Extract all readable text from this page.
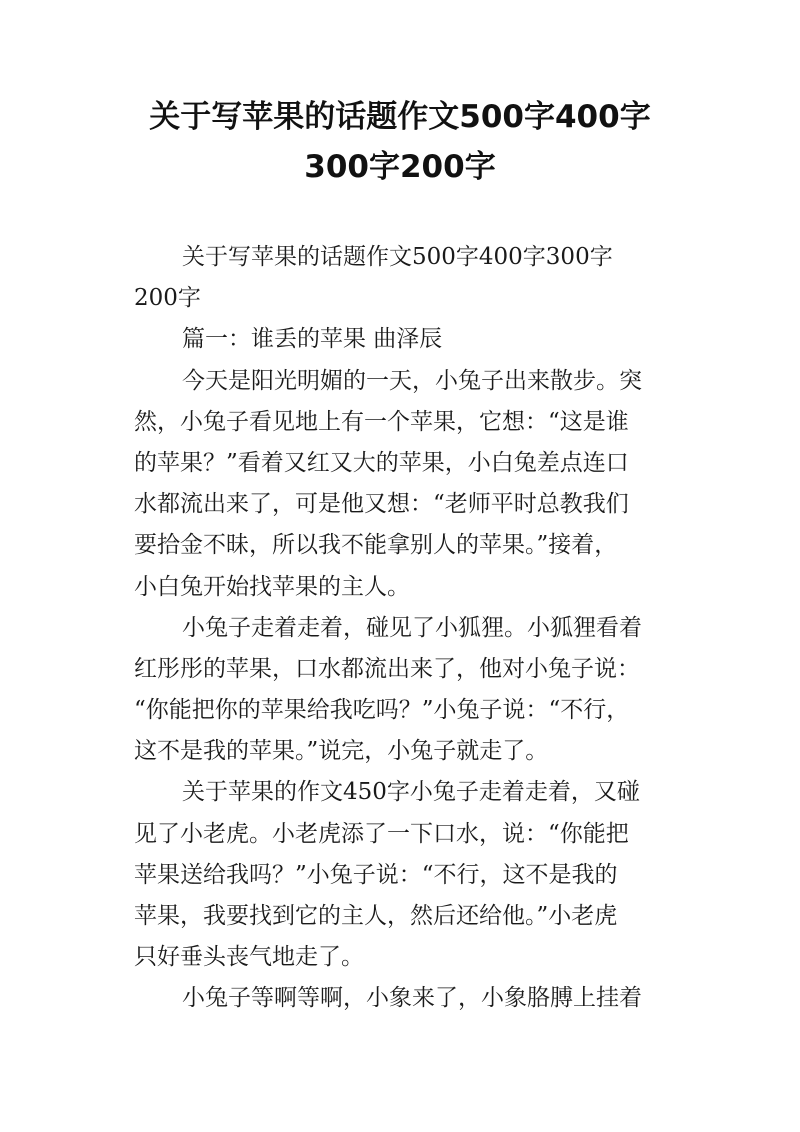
关于写苹果的话题作文500字400字
300字200字
关于写苹果的话题作文500字400字300字
200字
篇一：谁丢的苹果 曲泽辰
今天是阳光明媚的一天，小兔子出来散步。突
然，小兔子看见地上有一个苹果，它想：“这是谁
的苹果？”看着又红又大的苹果，小白兔差点连口
水都流出来了，可是他又想：“老师平时总教我们
要拾金不昧，所以我不能拿别人的苹果。”接着，
小白兔开始找苹果的主人。
小兔子走着走着，碰见了小狐狸。小狐狸看着
红彤彤的苹果，口水都流出来了，他对小兔子说：
“你能把你的苹果给我吃吗？”小兔子说：“不行，
这不是我的苹果。”说完，小兔子就走了。
关于苹果的作文450字小兔子走着走着，又碰
见了小老虎。小老虎添了一下口水，说：“你能把
苹果送给我吗？”小兔子说：“不行，这不是我的
苹果，我要找到它的主人，然后还给他。”小老虎
只好垂头丧气地走了。
小兔子等啊等啊，小象来了，小象胳膊上挂着
